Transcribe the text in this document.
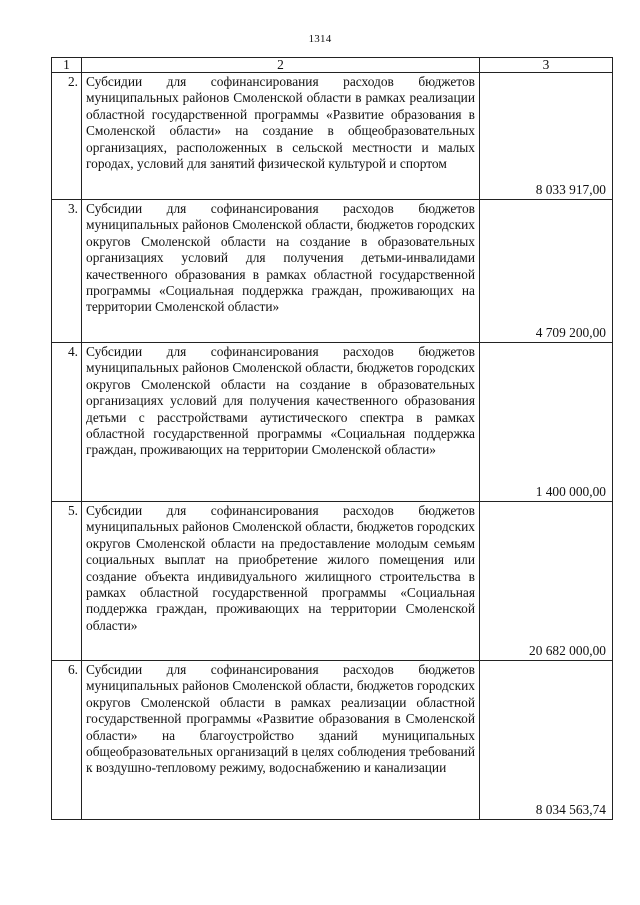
1314
1	2	3
2.	Субсидии для софинансирования расходов бюджетов муниципальных районов Смоленской области в рамках реализации областной государственной программы «Развитие образования в Смоленской области» на создание в общеобразовательных организациях, расположенных в сельской местности и малых городах, условий для занятий физической культурой и спортом	8 033 917,00
3.	Субсидии для софинансирования расходов бюджетов муниципальных районов Смоленской области, бюджетов городских округов Смоленской области на создание в образовательных организациях условий для получения детьми-инвалидами качественного образования в рамках областной государственной программы «Социальная поддержка граждан, проживающих на территории Смоленской области»	4 709 200,00
4.	Субсидии для софинансирования расходов бюджетов муниципальных районов Смоленской области, бюджетов городских округов Смоленской области на создание в образовательных организациях условий для получения качественного образования детьми с расстройствами аутистического спектра в рамках областной государственной программы «Социальная поддержка граждан, проживающих на территории Смоленской области»	1 400 000,00
5.	Субсидии для софинансирования расходов бюджетов муниципальных районов Смоленской области, бюджетов городских округов Смоленской области на предоставление молодым семьям социальных выплат на приобретение жилого помещения или создание объекта индивидуального жилищного строительства в рамках областной государственной программы «Социальная поддержка граждан, проживающих на территории Смоленской области»	20 682 000,00
6.	Субсидии для софинансирования расходов бюджетов муниципальных районов Смоленской области, бюджетов городских округов Смоленской области в рамках реализации областной государственной программы «Развитие образования в Смоленской области» на благоустройство зданий муниципальных общеобразовательных организаций в целях соблюдения требований к воздушно-тепловому режиму, водоснабжению и канализации	8 034 563,74
